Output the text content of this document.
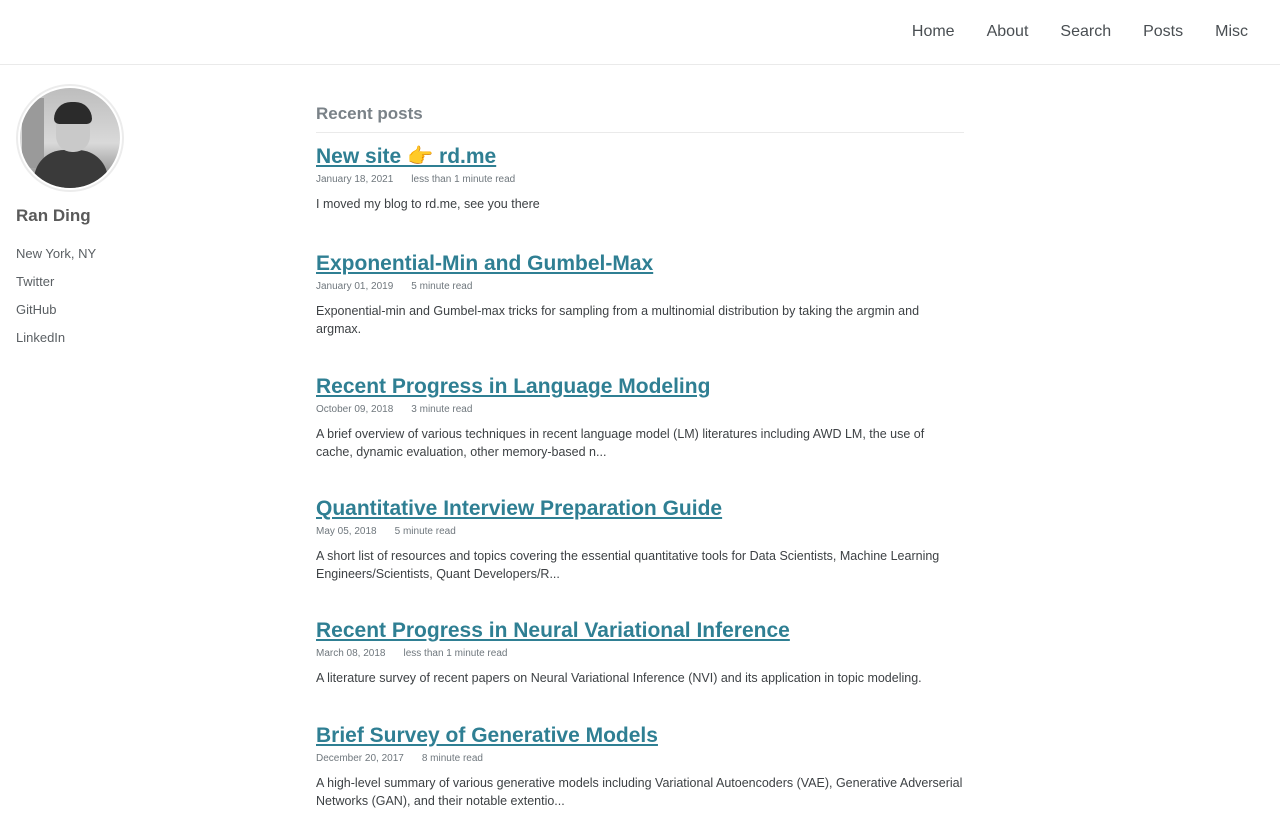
Home About Search Posts Misc
Ran Ding
New York, NY
Twitter
GitHub
LinkedIn
Recent posts
New site 👉 rd.me
January 18, 2021 less than 1 minute read

I moved my blog to rd.me, see you there

Exponential-Min and Gumbel-Max
January 01, 2019 5 minute read

Exponential-min and Gumbel-max tricks for sampling from a multinomial distribution by taking the argmin and argmax.

Recent Progress in Language Modeling
October 09, 2018 3 minute read

A brief overview of various techniques in recent language model (LM) literatures including AWD LM, the use of cache, dynamic evaluation, other memory-based n...

Quantitative Interview Preparation Guide
May 05, 2018 5 minute read

A short list of resources and topics covering the essential quantitative tools for Data Scientists, Machine Learning Engineers/Scientists, Quant Developers/R...

Recent Progress in Neural Variational Inference
March 08, 2018 less than 1 minute read

A literature survey of recent papers on Neural Variational Inference (NVI) and its application in topic modeling.

Brief Survey of Generative Models
December 20, 2017 8 minute read

A high-level summary of various generative models including Variational Autoencoders (VAE), Generative Adverserial Networks (GAN), and their notable extentio...
